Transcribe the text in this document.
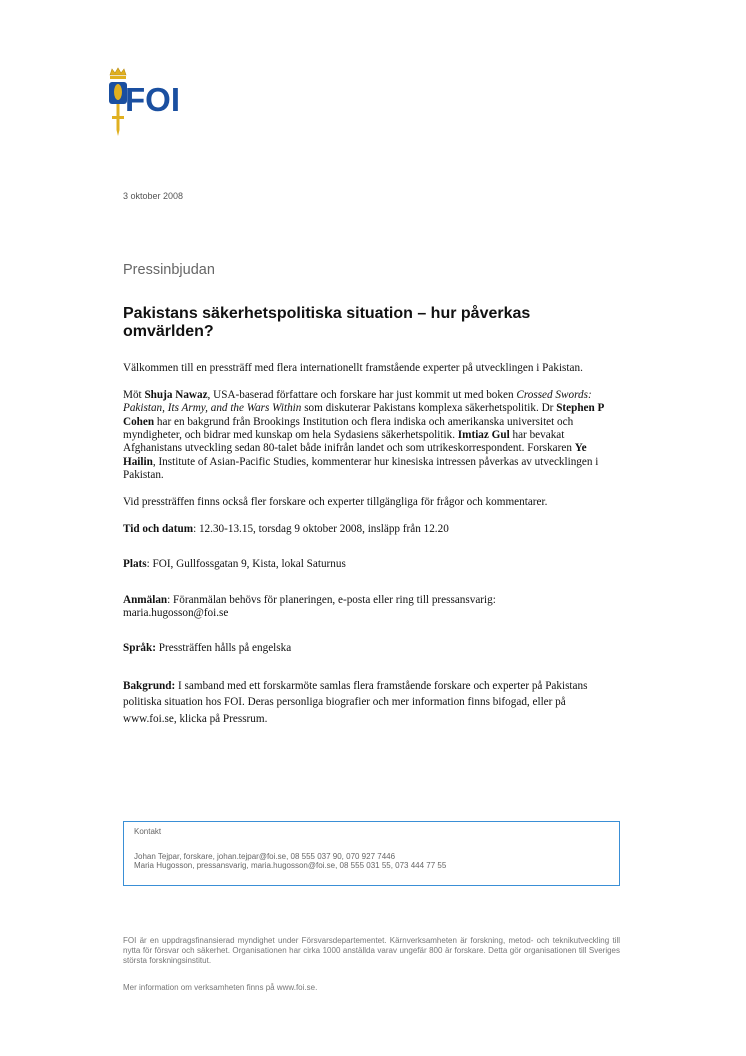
FOI
3 oktober 2008
Pressinbjudan
Pakistans säkerhetspolitiska situation – hur påverkas omvärlden?

Välkommen till en pressträff med flera internationellt framstående experter på utvecklingen i Pakistan.

Möt Shuja Nawaz, USA-baserad författare och forskare har just kommit ut med boken Crossed Swords: Pakistan, Its Army, and the Wars Within som diskuterar Pakistans komplexa säkerhetspolitik. Dr Stephen P Cohen har en bakgrund från Brookings Institution och flera indiska och amerikanska universitet och myndigheter, och bidrar med kunskap om hela Sydasiens säkerhetspolitik. Imtiaz Gul har bevakat Afghanistans utveckling sedan 80-talet både inifrån landet och som utrikeskorrespondent. Forskaren Ye Hailin, Institute of Asian-Pacific Studies, kommenterar hur kinesiska intressen påverkas av utvecklingen i Pakistan.

Vid pressträffen finns också fler forskare och experter tillgängliga för frågor och kommentarer.

Tid och datum: 12.30-13.15, torsdag 9 oktober 2008, insläpp från 12.20

Plats: FOI, Gullfossgatan 9, Kista, lokal Saturnus

Anmälan: Föranmälan behövs för planeringen, e-posta eller ring till pressansvarig:
maria.hugosson@foi.se

Språk: Pressträffen hålls på engelska

Bakgrund: I samband med ett forskarmöte samlas flera framstående forskare och experter på Pakistans politiska situation hos FOI. Deras personliga biografier och mer information finns bifogad, eller på www.foi.se, klicka på Pressrum.

Kontakt
Johan Tejpar, forskare, johan.tejpar@foi.se, 08 555 037 90, 070 927 7446
Maria Hugosson, pressansvarig, maria.hugosson@foi.se, 08 555 031 55, 073 444 77 55
FOI är en uppdragsfinansierad myndighet under Försvarsdepartementet. Kärnverksamheten är forskning, metod- och teknikutveckling till nytta för försvar och säkerhet. Organisationen har cirka 1000 anställda varav ungefär 800 är forskare. Detta gör organisationen till Sveriges största forskningsinstitut.
Mer information om verksamheten finns på www.foi.se.
